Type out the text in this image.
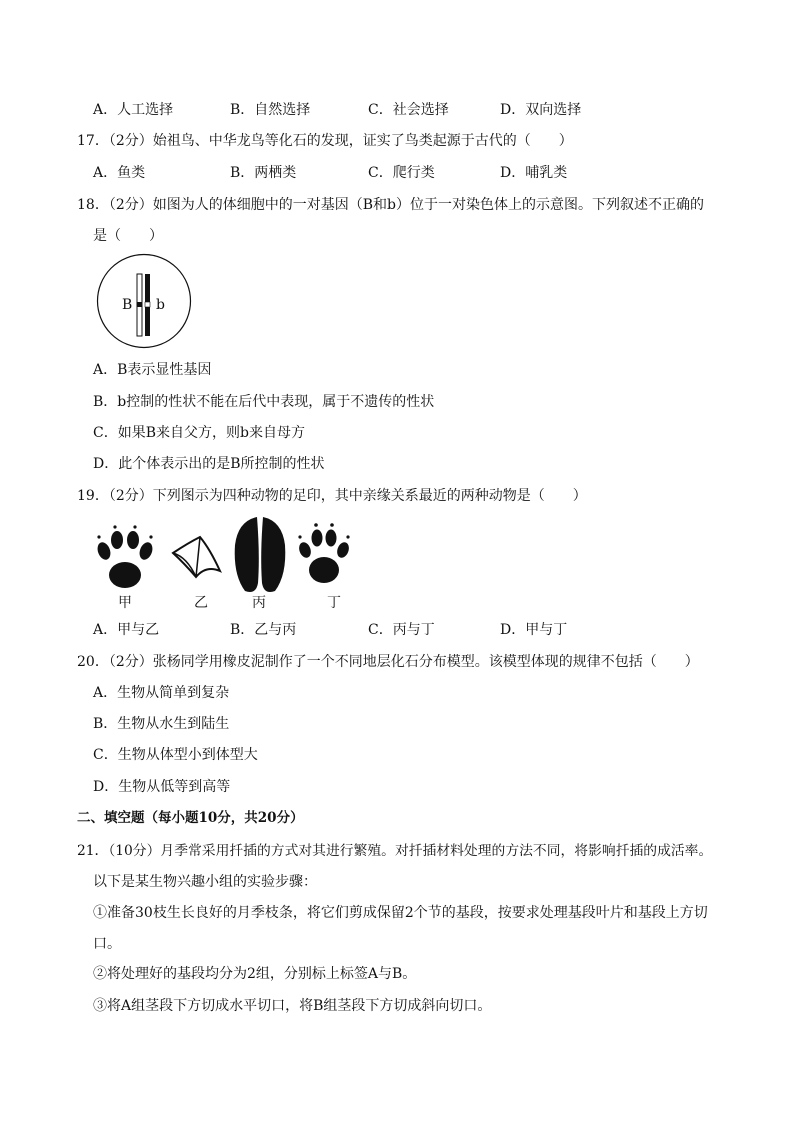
A．人工选择	B．自然选择	C．社会选择	D．双向选择
17．（2分）始祖鸟、中华龙鸟等化石的发现，证实了鸟类起源于古代的（　　）
A．鱼类	B．两栖类	C．爬行类	D．哺乳类
18．（2分）如图为人的体细胞中的一对基因（B和b）位于一对染色体上的示意图。下列叙述不正确的
是（　　）
B b
A．B表示显性基因
B．b控制的性状不能在后代中表现，属于不遗传的性状
C．如果B来自父方，则b来自母方
D．此个体表示出的是B所控制的性状
19．（2分）下列图示为四种动物的足印，其中亲缘关系最近的两种动物是（　　）
甲	乙	丙	丁
A．甲与乙	B．乙与丙	C．丙与丁	D．甲与丁
20．（2分）张杨同学用橡皮泥制作了一个不同地层化石分布模型。该模型体现的规律不包括（　　）
A．生物从简单到复杂
B．生物从水生到陆生
C．生物从体型小到体型大
D．生物从低等到高等
二、填空题（每小题10分，共20分）
21．（10分）月季常采用扦插的方式对其进行繁殖。对扦插材料处理的方法不同，将影响扦插的成活率。
以下是某生物兴趣小组的实验步骤：
①准备30枝生长良好的月季枝条，将它们剪成保留2个节的基段，按要求处理基段叶片和基段上方切
口。
②将处理好的基段均分为2组，分别标上标签A与B。
③将A组茎段下方切成水平切口，将B组茎段下方切成斜向切口。
